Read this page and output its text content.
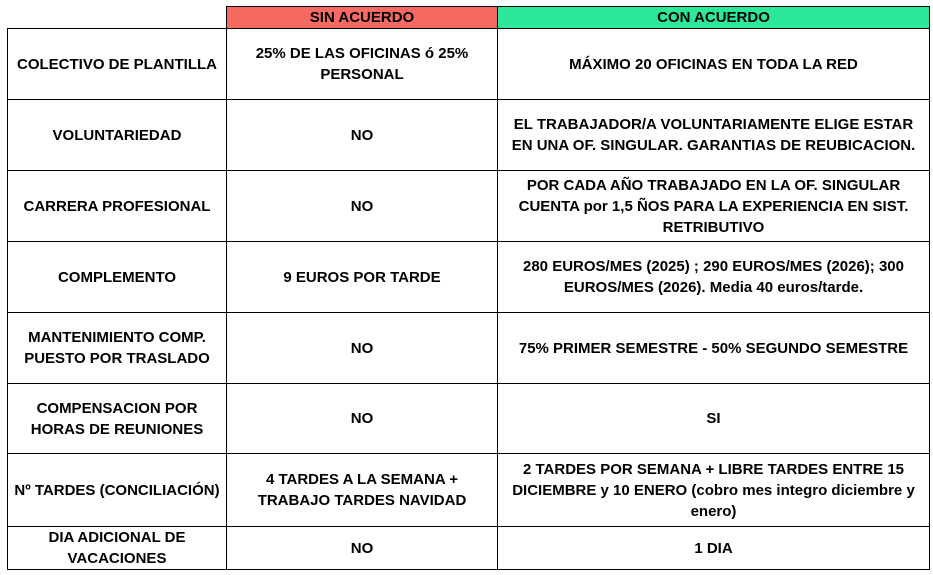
	SIN ACUERDO	CON ACUERDO
COLECTIVO DE PLANTILLA	25% DE LAS OFICINAS ó 25% PERSONAL	MÁXIMO 20 OFICINAS EN TODA LA RED
VOLUNTARIEDAD	NO	EL TRABAJADOR/A VOLUNTARIAMENTE ELIGE ESTAR EN UNA OF. SINGULAR. GARANTIAS DE REUBICACION.
CARRERA PROFESIONAL	NO	POR CADA AÑO TRABAJADO EN LA OF. SINGULAR CUENTA por 1,5 ÑOS PARA LA EXPERIENCIA EN SIST. RETRIBUTIVO
COMPLEMENTO	9 EUROS POR TARDE	280 EUROS/MES (2025) ; 290 EUROS/MES (2026); 300 EUROS/MES (2026). Media 40 euros/tarde.
MANTENIMIENTO COMP. PUESTO POR TRASLADO	NO	75% PRIMER SEMESTRE - 50% SEGUNDO SEMESTRE
COMPENSACION POR HORAS DE REUNIONES	NO	SI
Nº TARDES (CONCILIACIÓN)	4 TARDES A LA SEMANA + TRABAJO TARDES NAVIDAD	2 TARDES POR SEMANA + LIBRE TARDES ENTRE 15 DICIEMBRE y 10 ENERO (cobro mes integro diciembre y enero)
DIA ADICIONAL DE VACACIONES	NO	1 DIA
